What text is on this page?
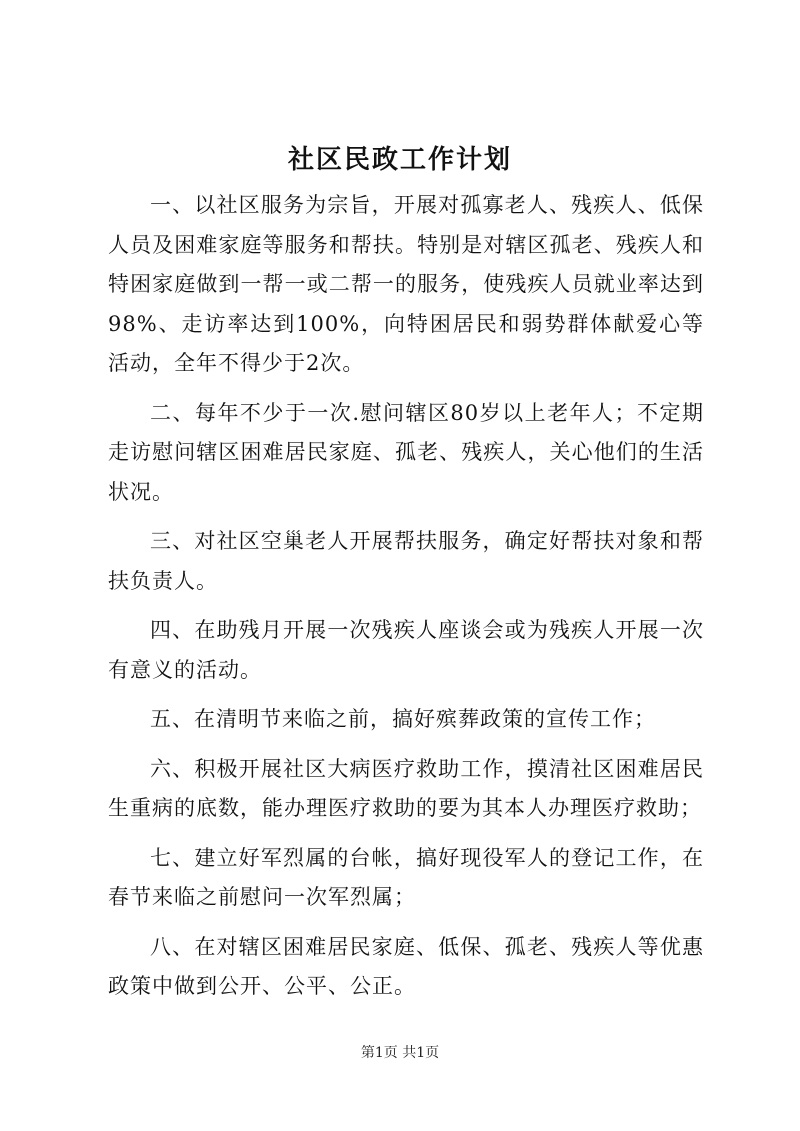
社区民政工作计划

一、以社区服务为宗旨，开展对孤寡老人、残疾人、低保人员及困难家庭等服务和帮扶。特别是对辖区孤老、残疾人和特困家庭做到一帮一或二帮一的服务，使残疾人员就业率达到98%、走访率达到100%，向特困居民和弱势群体献爱心等活动，全年不得少于2次。

二、每年不少于一次.慰问辖区80岁以上老年人；不定期走访慰问辖区困难居民家庭、孤老、残疾人，关心他们的生活状况。

三、对社区空巢老人开展帮扶服务，确定好帮扶对象和帮扶负责人。

四、在助残月开展一次残疾人座谈会或为残疾人开展一次有意义的活动。

五、在清明节来临之前，搞好殡葬政策的宣传工作；

六、积极开展社区大病医疗救助工作，摸清社区困难居民生重病的底数，能办理医疗救助的要为其本人办理医疗救助；

七、建立好军烈属的台帐，搞好现役军人的登记工作，在春节来临之前慰问一次军烈属；

八、在对辖区困难居民家庭、低保、孤老、残疾人等优惠政策中做到公开、公平、公正。

第1页 共1页
